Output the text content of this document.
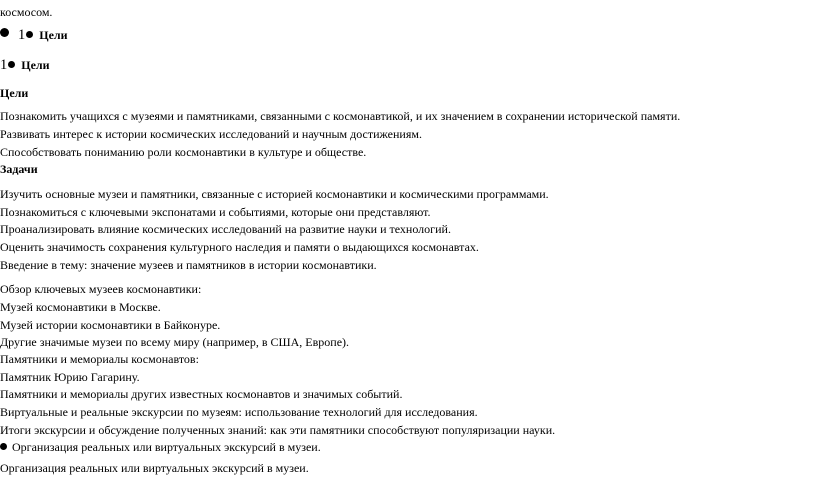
космосом.
1 Цели
1 Цели
Цели
Познакомить учащихся с музеями и памятниками, связанными с космонавтикой, и их значением в сохранении исторической памяти.
Развивать интерес к истории космических исследований и научным достижениям.
Способствовать пониманию роли космонавтики в культуре и обществе.
Задачи
Изучить основные музеи и памятники, связанные с историей космонавтики и космическими программами.
Познакомиться с ключевыми экспонатами и событиями, которые они представляют.
Проанализировать влияние космических исследований на развитие науки и технологий.
Оценить значимость сохранения культурного наследия и памяти о выдающихся космонавтах.
Введение в тему: значение музеев и памятников в истории космонавтики.
Обзор ключевых музеев космонавтики:
Музей космонавтики в Москве.
Музей истории космонавтики в Байконуре.
Другие значимые музеи по всему миру (например, в США, Европе).
Памятники и мемориалы космонавтов:
Памятник Юрию Гагарину.
Памятники и мемориалы других известных космонавтов и значимых событий.
Виртуальные и реальные экскурсии по музеям: использование технологий для исследования.
Итоги экскурсии и обсуждение полученных знаний: как эти памятники способствуют популяризации науки.
Организация реальных или виртуальных экскурсий в музеи.
Организация реальных или виртуальных экскурсий в музеи.
